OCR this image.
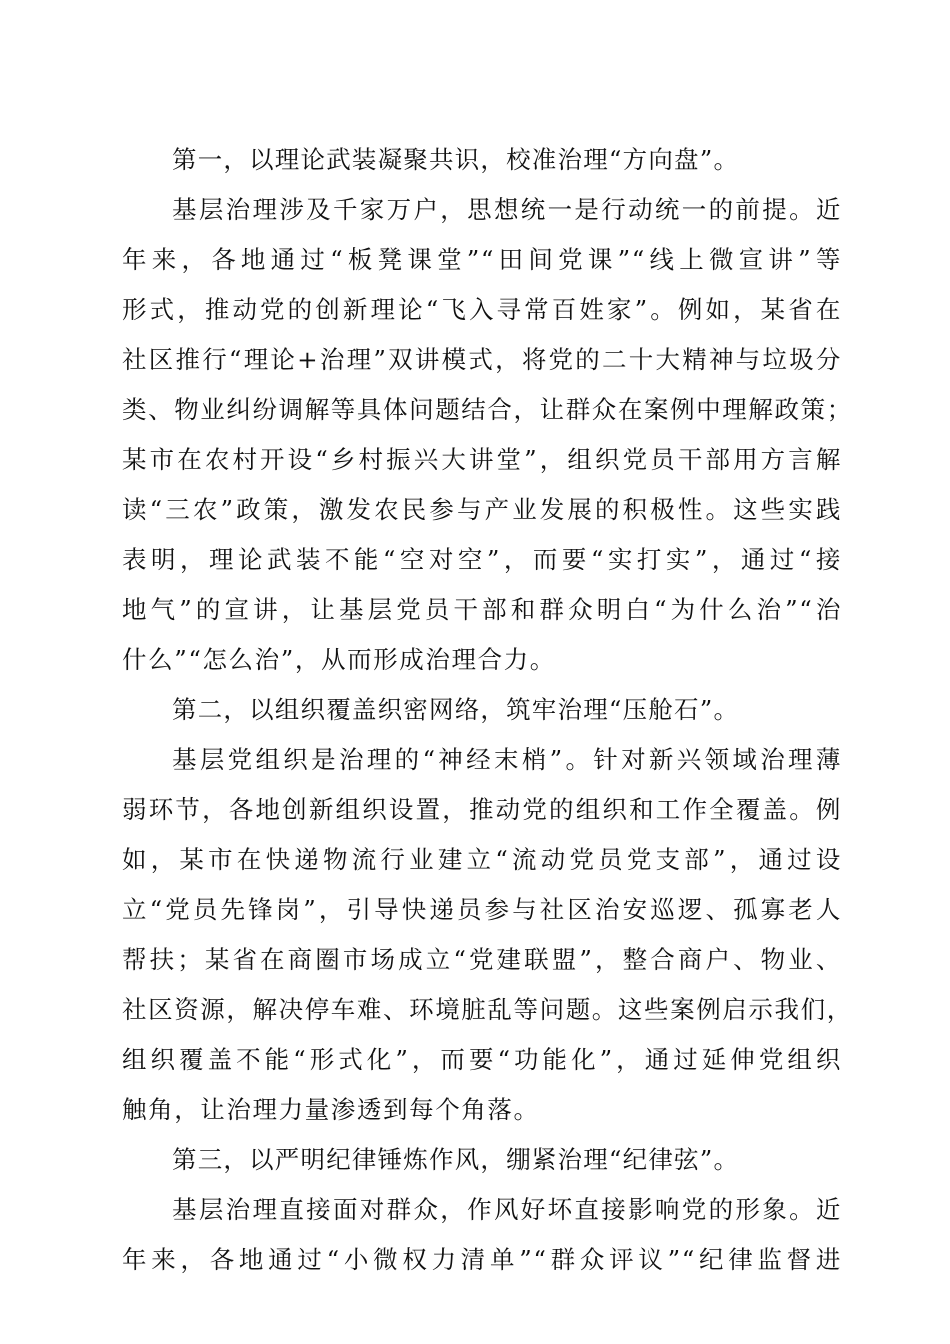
第一，以理论武装凝聚共识，校准治理“方向盘”。
基层治理涉及千家万户，思想统一是行动统一的前提。近
年来，各地通过“板凳课堂”“田间党课”“线上微宣讲”等
形式，推动党的创新理论“飞入寻常百姓家”。例如，某省在
社区推行“理论+治理”双讲模式，将党的二十大精神与垃圾分
类、物业纠纷调解等具体问题结合，让群众在案例中理解政策；
某市在农村开设“乡村振兴大讲堂”，组织党员干部用方言解
读“三农”政策，激发农民参与产业发展的积极性。这些实践
表明，理论武装不能“空对空”，而要“实打实”，通过“接
地气”的宣讲，让基层党员干部和群众明白“为什么治”“治
什么”“怎么治”，从而形成治理合力。
第二，以组织覆盖织密网络，筑牢治理“压舱石”。
基层党组织是治理的“神经末梢”。针对新兴领域治理薄
弱环节，各地创新组织设置，推动党的组织和工作全覆盖。例
如，某市在快递物流行业建立“流动党员党支部”，通过设
立“党员先锋岗”，引导快递员参与社区治安巡逻、孤寡老人
帮扶；某省在商圈市场成立“党建联盟”，整合商户、物业、
社区资源，解决停车难、环境脏乱等问题。这些案例启示我们，
组织覆盖不能“形式化”，而要“功能化”，通过延伸党组织
触角，让治理力量渗透到每个角落。
第三，以严明纪律锤炼作风，绷紧治理“纪律弦”。
基层治理直接面对群众，作风好坏直接影响党的形象。近
年来，各地通过“小微权力清单”“群众评议”“纪律监督进
